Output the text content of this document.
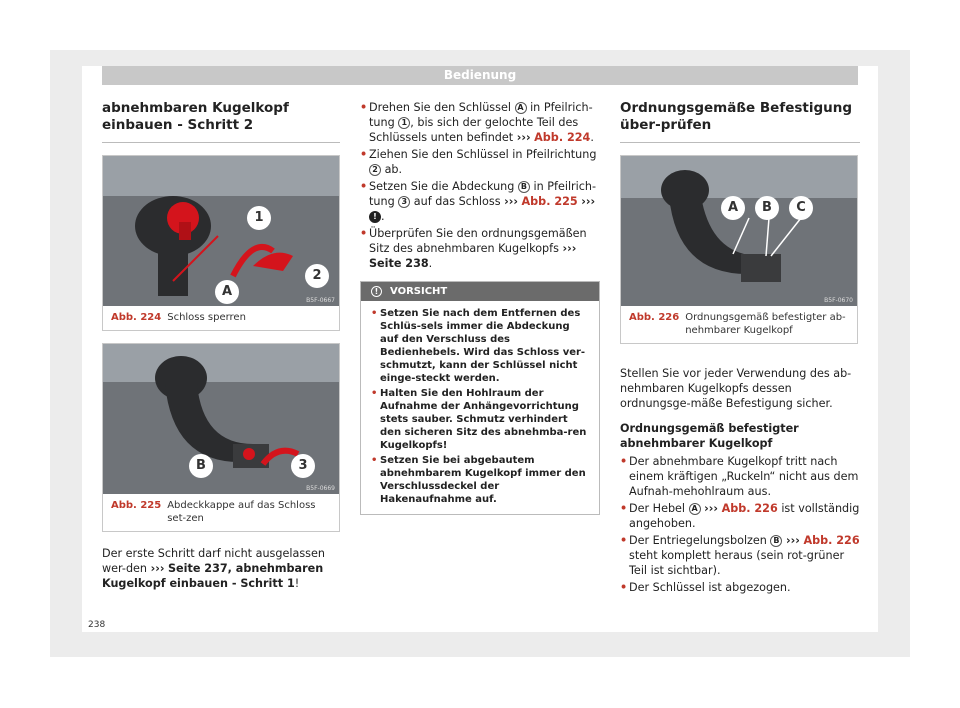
Bedienung
abnehmbaren Kugelkopf einbauen - Schritt 2
1
2
A
B5F-0667
Abb. 224 Schloss sperren
B	3
B5F-0669
Abb. 225 Abdeckkappe auf das Schloss set-zen

Der erste Schritt darf nicht ausgelassen wer-den ››› Seite 237, abnehmbaren Kugelkopf einbauen - Schritt 1!

• Drehen Sie den Schlüssel A in Pfeilrich-tung 1 , bis sich der gelochte Teil des Schlüssels unten befindet ››› Abb. 224.
• Ziehen Sie den Schlüssel in Pfeilrichtung 2 ab.
• Setzen Sie die Abdeckung B in Pfeilrich-tung 3 auf das Schloss ››› Abb. 225 ››› ! .
• Überprüfen Sie den ordnungsgemäßen Sitz des abnehmbaren Kugelkopfs ››› Seite 238.
! VORSICHT
• Setzen Sie nach dem Entfernen des Schlüs-sels immer die Abdeckung auf den Verschluss des Bedienhebels. Wird das Schloss ver-schmutzt, kann der Schlüssel nicht einge-steckt werden.
• Halten Sie den Hohlraum der Aufnahme der Anhängevorrichtung stets sauber. Schmutz verhindert den sicheren Sitz des abnehmba-ren Kugelkopfs!
• Setzen Sie bei abgebautem abnehmbarem Kugelkopf immer den Verschlussdeckel der Hakenaufnahme auf.
Ordnungsgemäße Befestigung über-prüfen
A	B	C
B5F-0670
Abb. 226 Ordnungsgemäß befestigter ab-nehmbarer Kugelkopf

Stellen Sie vor jeder Verwendung des ab-nehmbaren Kugelkopfs dessen ordnungsge-mäße Befestigung sicher.

Ordnungsgemäß befestigter abnehmbarer Kugelkopf

• Der abnehmbare Kugelkopf tritt nach einem kräftigen „Ruckeln“ nicht aus dem Aufnah-mehohlraum aus.
• Der Hebel A ››› Abb. 226 ist vollständig angehoben.
• Der Entriegelungsbolzen B ››› Abb. 226 steht komplett heraus (sein rot-grüner Teil ist sichtbar).
• Der Schlüssel ist abgezogen.
238
